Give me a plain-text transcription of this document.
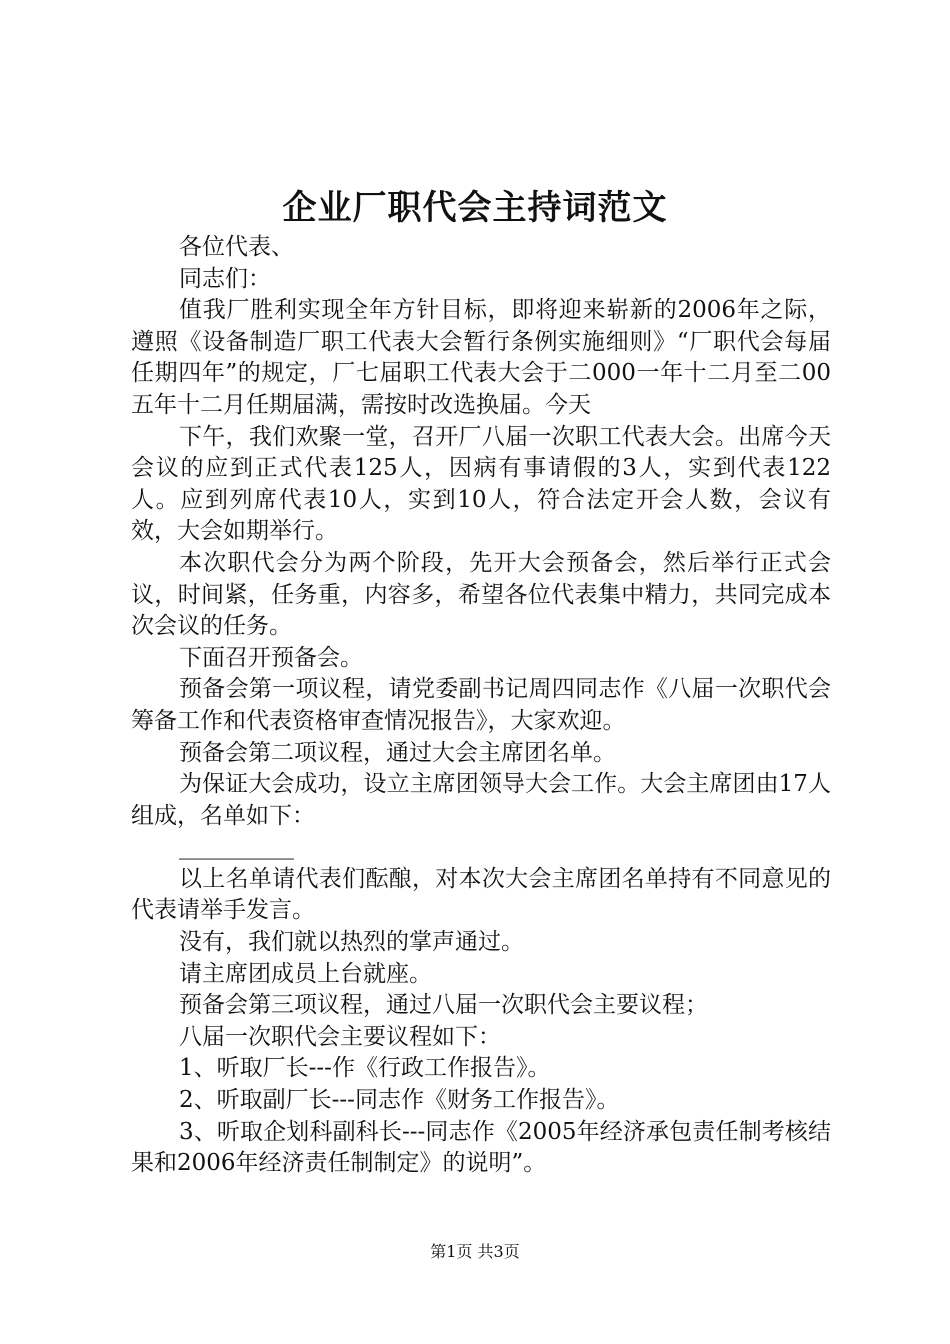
企业厂职代会主持词范文

各位代表、

同志们：

值我厂胜利实现全年方针目标，即将迎来崭新的2006年之际，遵照《设备制造厂职工代表大会暂行条例实施细则》“厂职代会每届任期四年”的规定，厂七届职工代表大会于二000一年十二月至二00五年十二月任期届满，需按时改选换届。今天

下午，我们欢聚一堂，召开厂八届一次职工代表大会。出席今天会议的应到正式代表125人，因病有事请假的3人，实到代表122人。应到列席代表10人，实到10人，符合法定开会人数，会议有效，大会如期举行。

本次职代会分为两个阶段，先开大会预备会，然后举行正式会议，时间紧，任务重，内容多，希望各位代表集中精力，共同完成本次会议的任务。

下面召开预备会。

预备会第一项议程，请党委副书记周四同志作《八届一次职代会筹备工作和代表资格审查情况报告》，大家欢迎。

预备会第二项议程，通过大会主席团名单。

为保证大会成功，设立主席团领导大会工作。大会主席团由17人组成，名单如下：

__________

以上名单请代表们酝酿，对本次大会主席团名单持有不同意见的代表请举手发言。

没有，我们就以热烈的掌声通过。

请主席团成员上台就座。

预备会第三项议程，通过八届一次职代会主要议程；

八届一次职代会主要议程如下：

1、听取厂长---作《行政工作报告》。

2、听取副厂长---同志作《财务工作报告》。

3、听取企划科副科长---同志作《2005年经济承包责任制考核结果和2006年经济责任制制定》的说明”。

第1页 共3页
